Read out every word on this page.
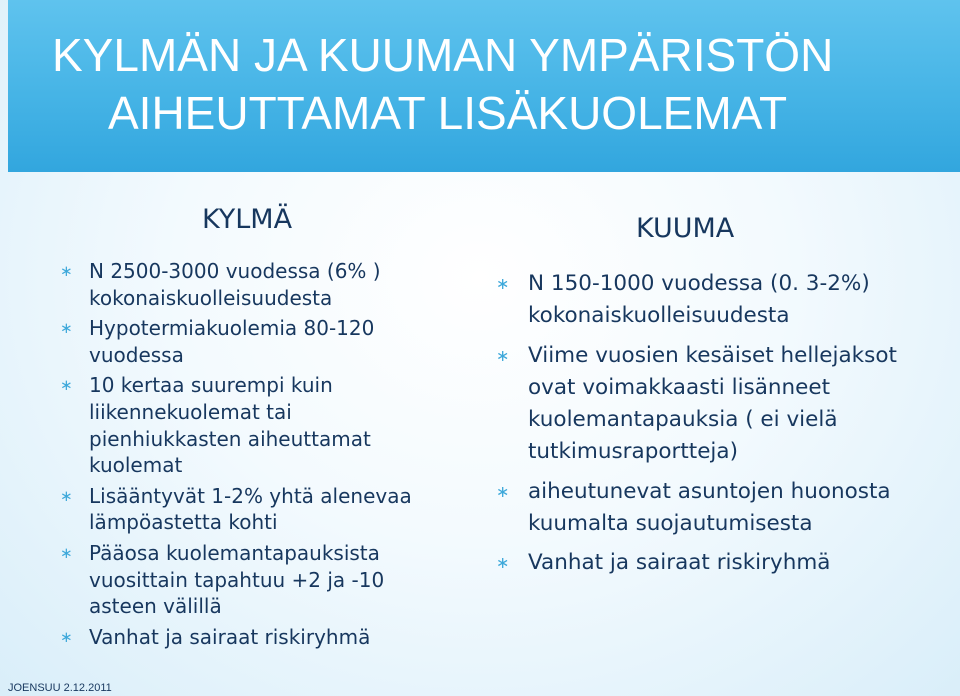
KYLMÄN JA KUUMAN YMPÄRISTÖN
AIHEUTTAMAT LISÄKUOLEMAT
KYLMÄ
∗ N 2500-3000 vuodessa (6% ) kokonaiskuolleisuudesta
∗ Hypotermiakuolemia 80-120 vuodessa
∗ 10 kertaa suurempi kuin liikennekuolemat tai pienhiukkasten aiheuttamat kuolemat
∗ Lisääntyvät 1-2% yhtä alenevaa lämpöastetta kohti
∗ Pääosa kuolemantapauksista vuosittain tapahtuu +2 ja -10 asteen välillä
∗ Vanhat ja sairaat riskiryhmä
KUUMA
∗ N 150-1000 vuodessa (0. 3-2%) kokonaiskuolleisuudesta
∗ Viime vuosien kesäiset hellejaksot ovat voimakkaasti lisänneet kuolemantapauksia ( ei vielä tutkimusraportteja)
∗ aiheutunevat asuntojen huonosta kuumalta suojautumisesta
∗ Vanhat ja sairaat riskiryhmä
JOENSUU 2.12.2011
